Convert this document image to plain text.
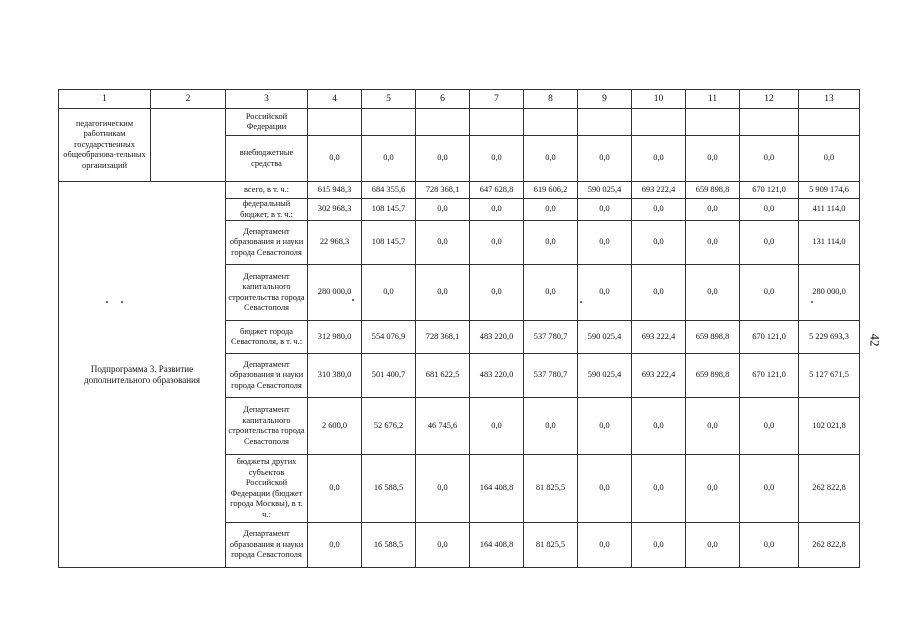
1	2	3	4	5	6	7	8	9	10	11	12	13
педагогическим работникам государственных общеобразова-тельных организаций		Российской Федерации										
		внебюджетные средства	0,0	0,0	0,0	0,0	0,0	0,0	0,0	0,0	0,0	0,0
Подпрограмма 3. Развитие дополнительного образования		всего, в т. ч.:	615 948,3	684 355,6	728 368,1	647 628,8	619 606,2	590 025,4	693 222,4	659 898,8	670 121,0	5 909 174,6
		федеральный бюджет, в т. ч.:	302 968,3	108 145,7	0,0	0,0	0,0	0,0	0,0	0,0	0,0	411 114,0
		Департамент образования и науки города Севастополя	22 968,3	108 145,7	0,0	0,0	0,0	0,0	0,0	0,0	0,0	131 114,0
		Департамент капитального строительства города Севастополя	280 000,0	0,0	0,0	0,0	0,0	0,0	0,0	0,0	0,0	280 000,0
		бюджет города Севастополя, в т. ч.:	312 980,0	554 076,9	728 368,1	483 220,0	537 780,7	590 025,4	693 222,4	659 898,8	670 121,0	5 229 693,3
		Департамент образования и науки города Севастополя	310 380,0	501 400,7	681 622,5	483 220,0	537 780,7	590 025,4	693 222,4	659 898,8	670 121,0	5 127 671,5
		Департамент капитального строительства города Севастополя	2 600,0	52 676,2	46 745,6	0,0	0,0	0,0	0,0	0,0	0,0	102 021,8
		бюджеты других субъектов Российской Федерации (бюджет города Москвы), в т. ч.:	0,0	16 588,5	0,0	164 408,8	81 825,5	0,0	0,0	0,0	0,0	262 822,8
		Департамент образования и науки города Севастополя	0,0	16 588,5	0,0	164 408,8	81 825,5	0,0	0,0	0,0	0,0	262 822,8
42
